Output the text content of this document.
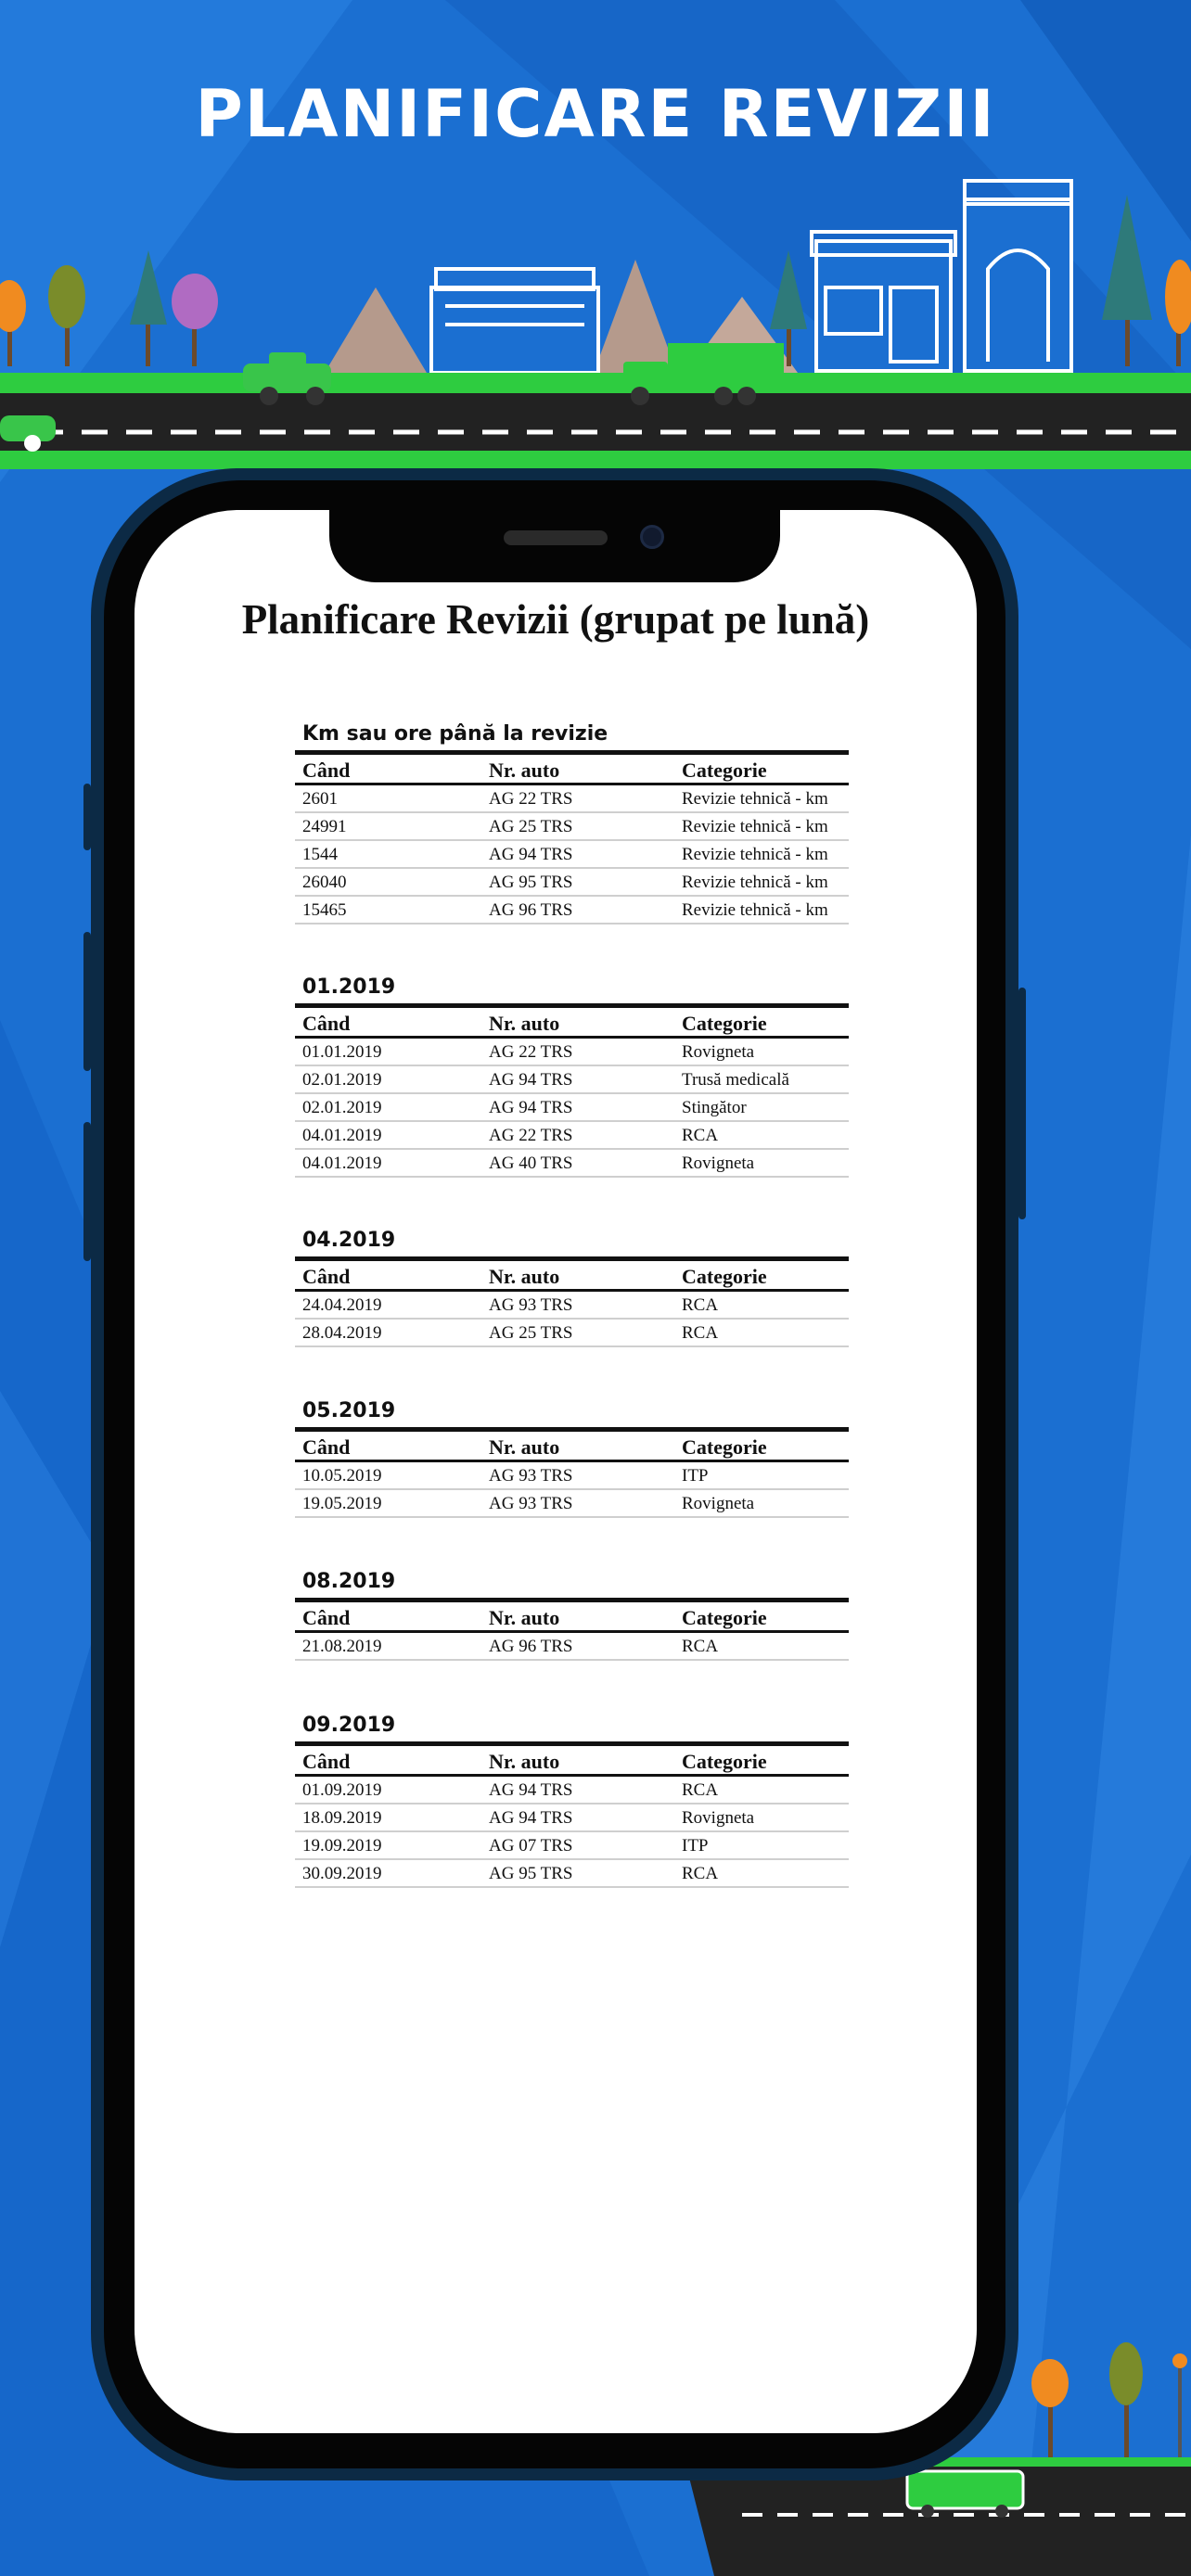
PLANIFICARE REVIZII
Planificare Revizii (grupat pe lună)
Km sau ore până la revizie
Când	Nr. auto	Categorie
2601	AG 22 TRS	Revizie tehnică - km
24991	AG 25 TRS	Revizie tehnică - km
1544	AG 94 TRS	Revizie tehnică - km
26040	AG 95 TRS	Revizie tehnică - km
15465	AG 96 TRS	Revizie tehnică - km
01.2019
Când	Nr. auto	Categorie
01.01.2019	AG 22 TRS	Rovigneta
02.01.2019	AG 94 TRS	Trusă medicală
02.01.2019	AG 94 TRS	Stingător
04.01.2019	AG 22 TRS	RCA
04.01.2019	AG 40 TRS	Rovigneta
04.2019
Când	Nr. auto	Categorie
24.04.2019	AG 93 TRS	RCA
28.04.2019	AG 25 TRS	RCA
05.2019
Când	Nr. auto	Categorie
10.05.2019	AG 93 TRS	ITP
19.05.2019	AG 93 TRS	Rovigneta
08.2019
Când	Nr. auto	Categorie
21.08.2019	AG 96 TRS	RCA
09.2019
Când	Nr. auto	Categorie
01.09.2019	AG 94 TRS	RCA
18.09.2019	AG 94 TRS	Rovigneta
19.09.2019	AG 07 TRS	ITP
30.09.2019	AG 95 TRS	RCA
